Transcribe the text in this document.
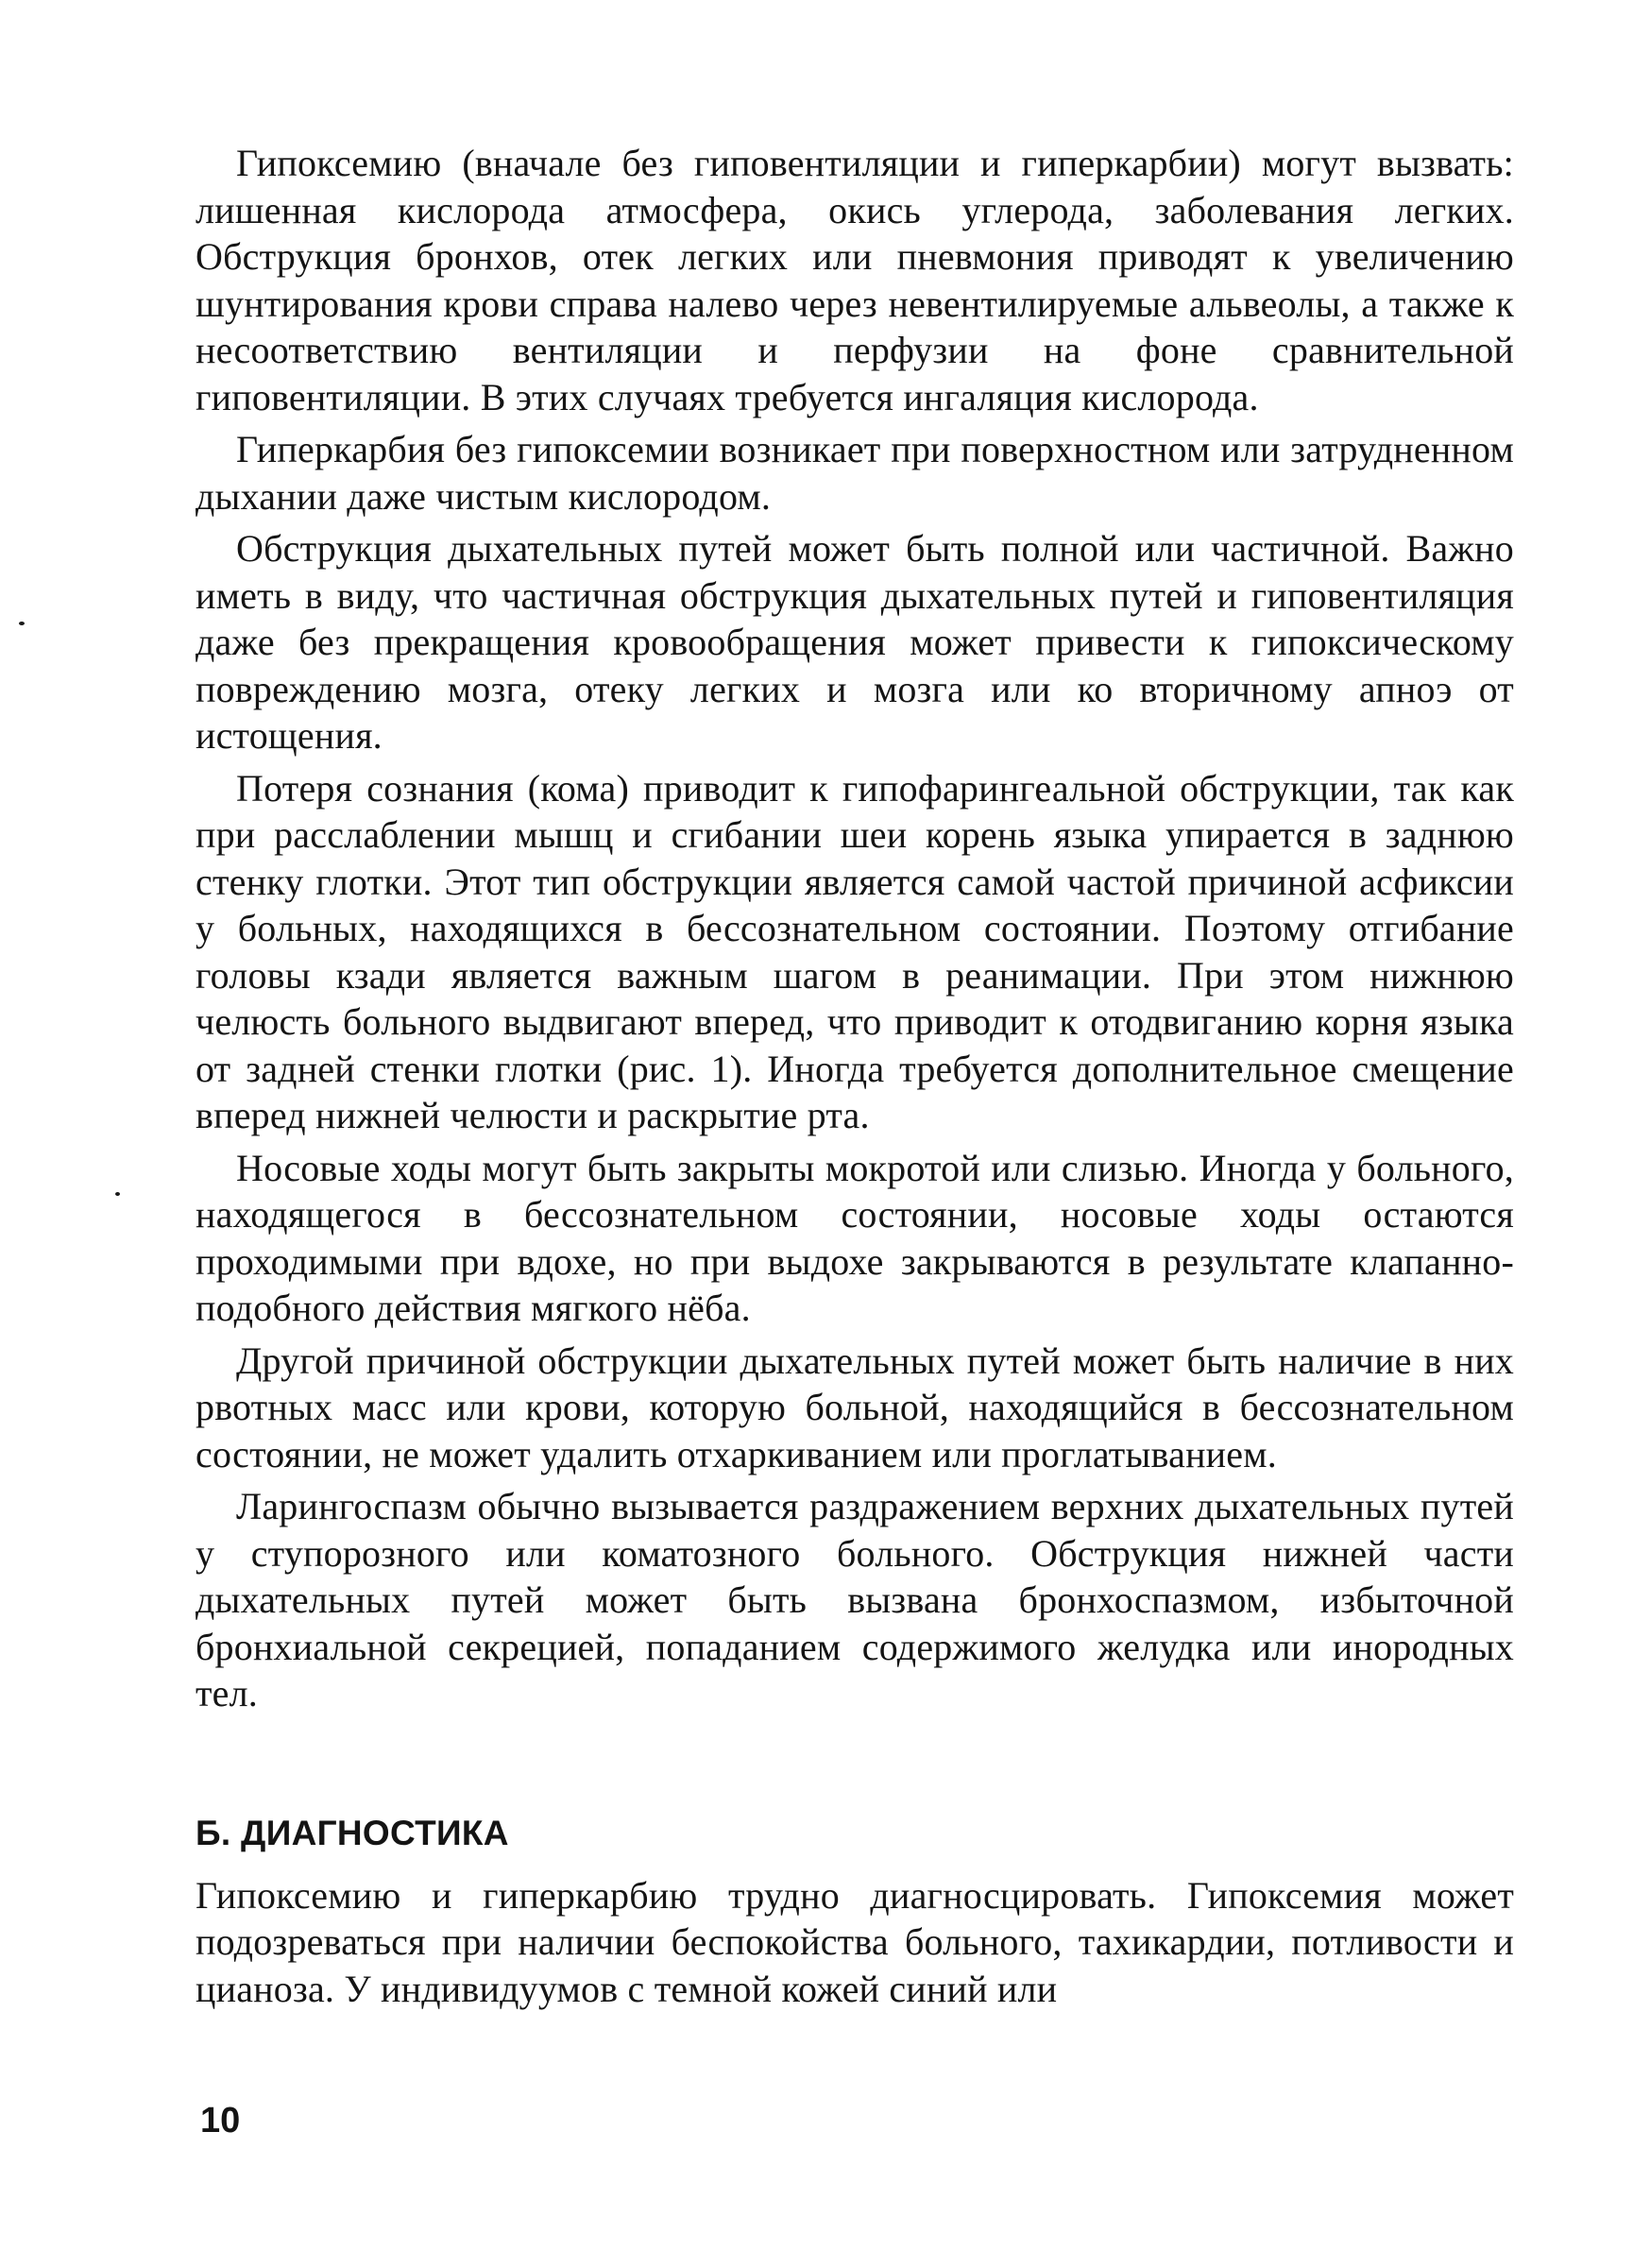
Гипоксемию (вначале без гиповентиляции и гиперкарбии) могут вызвать: лишенная кислорода атмосфера, окись углерода, заболевания легких. Обструкция бронхов, отек легких или пневмония приводят к увеличению шунтирования крови справа налево через невентилируемые альвеолы, а также к несоответствию вентиляции и перфузии на фоне сравнительной гиповентиляции. В этих случаях требуется ингаляция кислорода.

Гиперкарбия без гипоксемии возникает при поверхностном или затрудненном дыхании даже чистым кислородом.

Обструкция дыхательных путей может быть полной или частичной. Важно иметь в виду, что частичная обструкция дыхательных путей и гиповентиляция даже без прекращения кровообращения может привести к гипоксическому повреждению мозга, отеку легких и мозга или ко вторичному апноэ от истощения.

Потеря сознания (кома) приводит к гипофарингеальной обструкции, так как при расслаблении мышц и сгибании шеи корень языка упирается в заднюю стенку глотки. Этот тип обструкции является самой частой причиной асфиксии у больных, находящихся в бессознательном состоянии. Поэтому отгибание головы кзади является важным шагом в реанимации. При этом нижнюю челюсть больного выдвигают вперед, что приводит к отодвиганию корня языка от задней стенки глотки (рис. 1). Иногда требуется дополнительное смещение вперед нижней челюсти и раскрытие рта.

Носовые ходы могут быть закрыты мокротой или слизью. Иногда у больного, находящегося в бессознательном состоянии, носовые ходы остаются проходимыми при вдохе, но при выдохе закрываются в результате клапанно-подобного действия мягкого нёба.

Другой причиной обструкции дыхательных путей может быть наличие в них рвотных масс или крови, которую больной, находящийся в бессознательном состоянии, не может удалить отхаркиванием или проглатыванием.

Ларингоспазм обычно вызывается раздражением верхних дыхательных путей у ступорозного или коматозного больного. Обструкция нижней части дыхательных путей может быть вызвана бронхоспазмом, избыточной бронхиальной секрецией, попаданием содержимого желудка или инородных тел.

Б. ДИАГНОСТИКА

Гипоксемию и гиперкарбию трудно диагносцировать. Гипоксемия может подозреваться при наличии беспокойства больного, тахикардии, потливости и цианоза. У индивидуумов с темной кожей синий или

10
